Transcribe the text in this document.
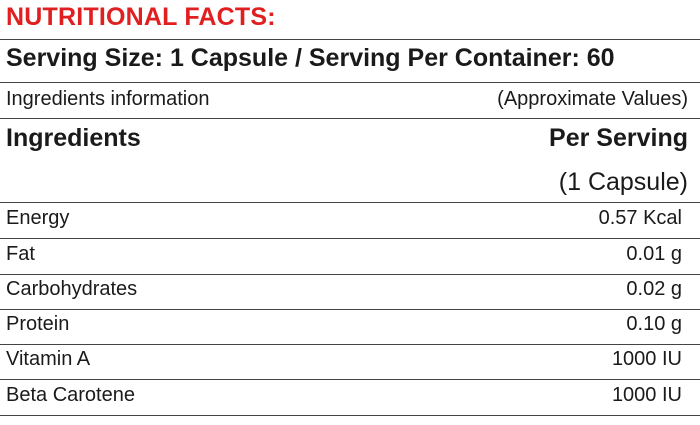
NUTRITIONAL FACTS:
Serving Size: 1 Capsule / Serving Per Container: 60
Ingredients information	(Approximate Values)
Ingredients	Per Serving
(1 Capsule)
Energy	0.57 Kcal
Fat	0.01 g
Carbohydrates	0.02 g
Protein	0.10 g
Vitamin A	1000 IU
Beta Carotene	1000 IU
